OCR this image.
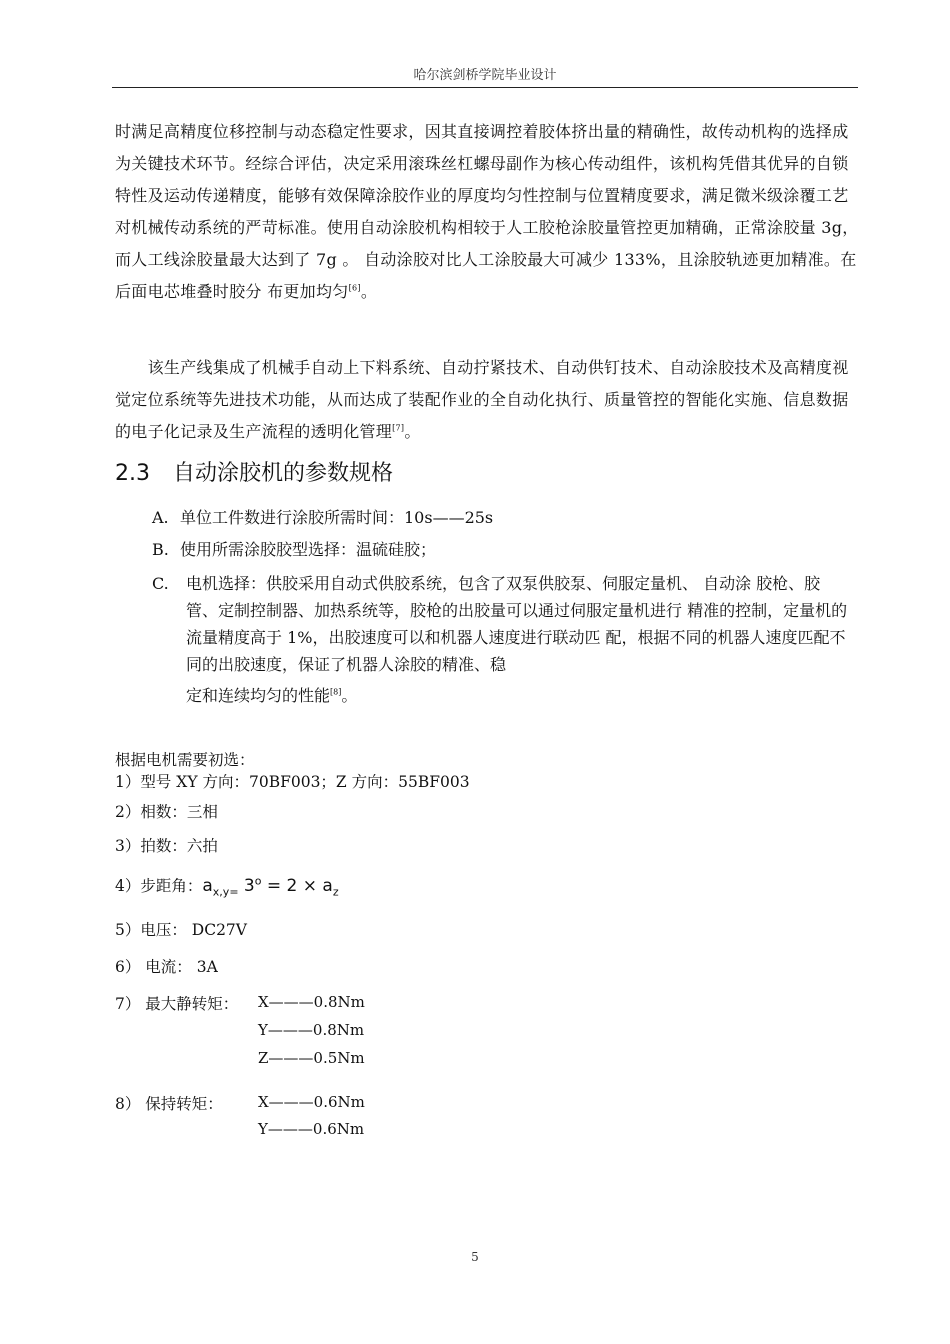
哈尔滨剑桥学院毕业设计

时满足高精度位移控制与动态稳定性要求，因其直接调控着胶体挤出量的精确性，故传动机构的选择成为关键技术环节。经综合评估，决定采用滚珠丝杠螺母副作为核心传动组件，该机构凭借其优异的自锁特性及运动传递精度，能够有效保障涂胶作业的厚度均匀性控制与位置精度要求，满足微米级涂覆工艺对机械传动系统的严苛标准。使用自动涂胶机构相较于人工胶枪涂胶量管控更加精确，正常涂胶量 3g，而人工线涂胶量最大达到了 7g 。 自动涂胶对比人工涂胶最大可减少 133%，且涂胶轨迹更加精准。在后面电芯堆叠时胶分 布更加均匀[6]。

　　该生产线集成了机械手自动上下料系统、自动拧紧技术、自动供钉技术、自动涂胶技术及高精度视觉定位系统等先进技术功能，从而达成了装配作业的全自动化执行、质量管控的智能化实施、信息数据的电子化记录及生产流程的透明化管理[7]。

2.3 自动涂胶机的参数规格

A. 单位工件数进行涂胶所需时间：10s——25s

B. 使用所需涂胶胶型选择：温硫硅胶；

C. 电机选择：供胶采用自动式供胶系统，包含了双泵供胶泵、伺服定量机、 自动涂 胶枪、胶管、定制控制器、加热系统等，胶枪的出胶量可以通过伺服定量机进行 精准的控制，定量机的流量精度高于 1%，出胶速度可以和机器人速度进行联动匹 配，根据不同的机器人速度匹配不同的出胶速度，保证了机器人涂胶的精准、稳
定和连续均匀的性能[8]。

根据电机需要初选：

1）型号 XY 方向：70BF003；Z 方向：55BF003

2）相数：三相

3）拍数：六拍

4）步距角：$a_{x,y=}$ $3^o = 2 \times a_z$

5）电压： DC27V

6） 电流： 3A

7） 最大静转矩： X———0.8Nm

Y———0.8Nm

Z———0.5Nm

8） 保持转矩： X———0.6Nm

Y———0.6Nm

5
